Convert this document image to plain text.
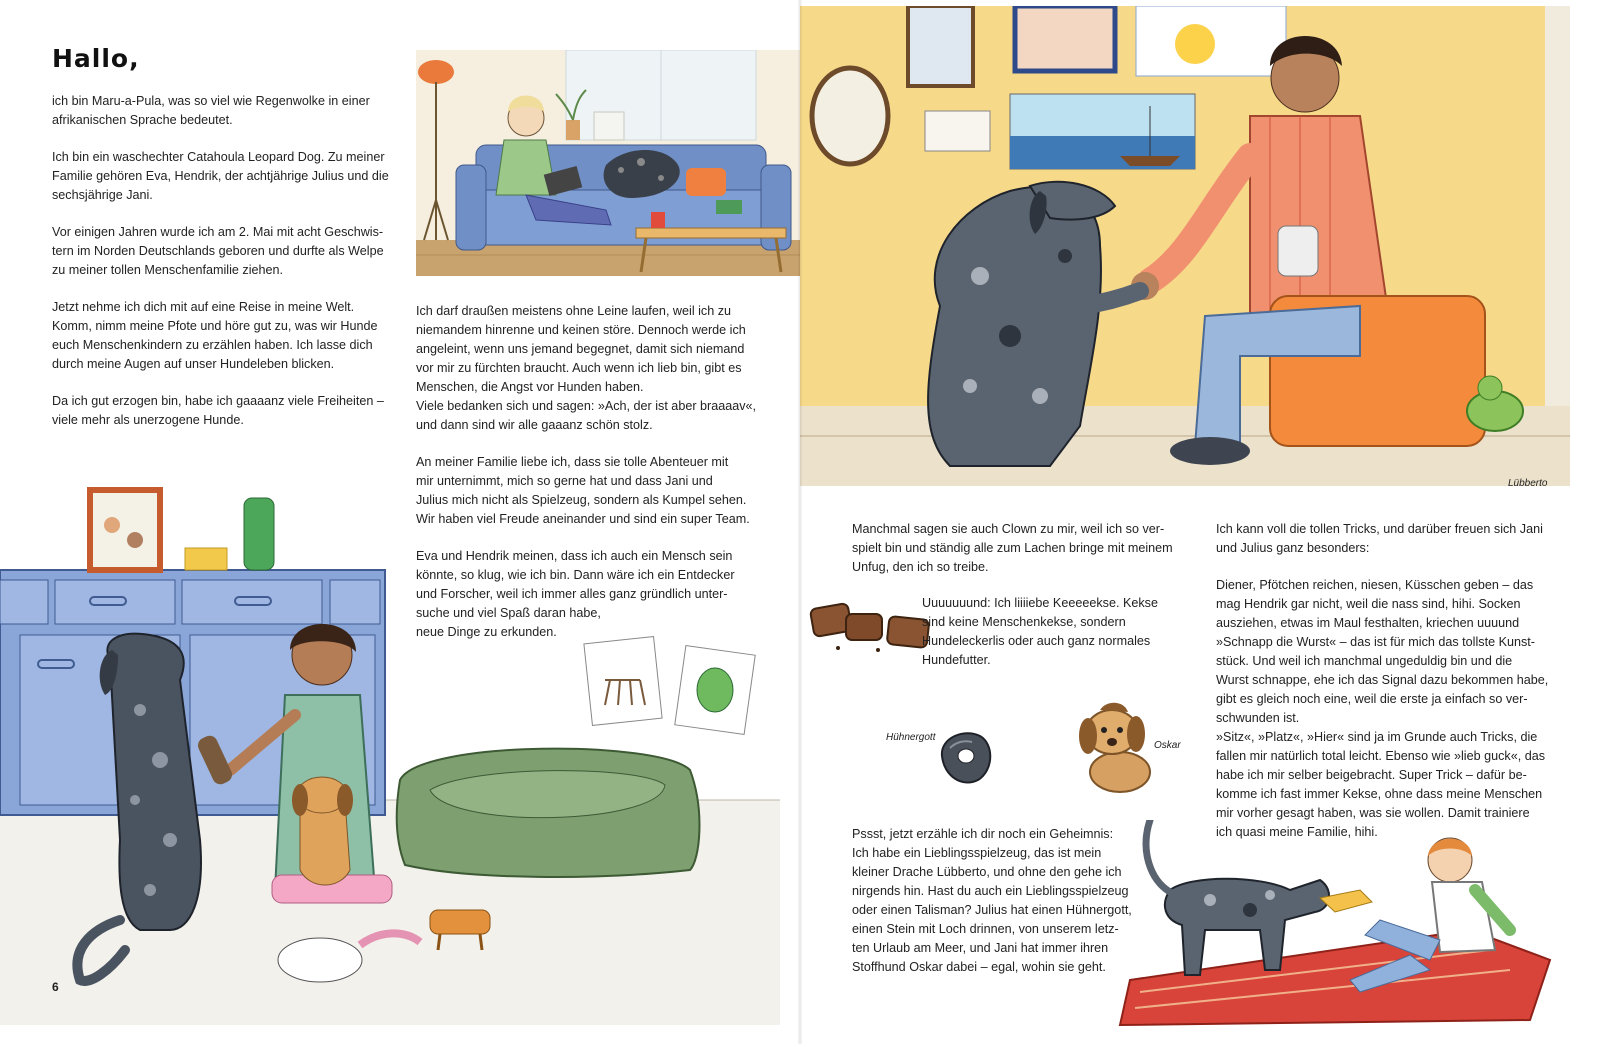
Hallo,

ich bin Maru-a-Pula, was so viel wie Regenwolke in einer
afrikanischen Sprache bedeutet.

Ich bin ein waschechter Catahoula Leopard Dog. Zu meiner
Familie gehören Eva, Hendrik, der achtjährige Julius und die
sechsjährige Jani.

Vor einigen Jahren wurde ich am 2. Mai mit acht Geschwis-
tern im Norden Deutschlands geboren und durfte als Welpe
zu meiner tollen Menschenfamilie ziehen.

Jetzt nehme ich dich mit auf eine Reise in meine Welt.
Komm, nimm meine Pfote und höre gut zu, was wir Hunde
euch Menschenkindern zu erzählen haben. Ich lasse dich
durch meine Augen auf unser Hundeleben blicken.

Da ich gut erzogen bin, habe ich gaaaanz viele Freiheiten –
viele mehr als unerzogene Hunde.

Ich darf draußen meistens ohne Leine laufen, weil ich zu
niemandem hinrenne und keinen störe. Dennoch werde ich
angeleint, wenn uns jemand begegnet, damit sich niemand
vor mir zu fürchten braucht. Auch wenn ich lieb bin, gibt es
Menschen, die Angst vor Hunden haben.
Viele bedanken sich und sagen: »Ach, der ist aber braaaav«,
und dann sind wir alle gaaanz schön stolz.

An meiner Familie liebe ich, dass sie tolle Abenteuer mit
mir unternimmt, mich so gerne hat und dass Jani und
Julius mich nicht als Spielzeug, sondern als Kumpel sehen.
Wir haben viel Freude aneinander und sind ein super Team.

Eva und Hendrik meinen, dass ich auch ein Mensch sein
könnte, so klug, wie ich bin. Dann wäre ich ein Entdecker
und Forscher, weil ich immer alles ganz gründlich unter-
suche und viel Spaß daran habe,
neue Dinge zu erkunden.

Manchmal sagen sie auch Clown zu mir, weil ich so ver-
spielt bin und ständig alle zum Lachen bringe mit meinem
Unfug, den ich so treibe.

Uuuuuuund: Ich liiiiebe Keeeeekse. Kekse
sind keine Menschenkekse, sondern
Hundeleckerlis oder auch ganz normales
Hundefutter.

Ich kann voll die tollen Tricks, und darüber freuen sich Jani
und Julius ganz besonders:

Diener, Pfötchen reichen, niesen, Küsschen geben – das
mag Hendrik gar nicht, weil die nass sind, hihi. Socken
ausziehen, etwas im Maul festhalten, kriechen uuuund
»Schnapp die Wurst« – das ist für mich das tollste Kunst-
stück. Und weil ich manchmal ungeduldig bin und die
Wurst schnappe, ehe ich das Signal dazu bekommen habe,
gibt es gleich noch eine, weil die erste ja einfach so ver-
schwunden ist.
»Sitz«, »Platz«, »Hier« sind ja im Grunde auch Tricks, die
fallen mir natürlich total leicht. Ebenso wie »lieb guck«, das
habe ich mir selber beigebracht. Super Trick – dafür be-
komme ich fast immer Kekse, ohne dass meine Menschen
mir vorher gesagt haben, was sie wollen. Damit trainiere
ich quasi meine Familie, hihi.

Pssst, jetzt erzähle ich dir noch ein Geheimnis:
Ich habe ein Lieblingsspielzeug, das ist mein
kleiner Drache Lübberto, und ohne den gehe ich
nirgends hin. Hast du auch ein Lieblingsspielzeug
oder einen Talisman? Julius hat einen Hühnergott,
einen Stein mit Loch drinnen, von unserem letz-
ten Urlaub am Meer, und Jani hat immer ihren
Stoffhund Oskar dabei – egal, wohin sie geht.

Lübberto
Hühnergott
Oskar
6
